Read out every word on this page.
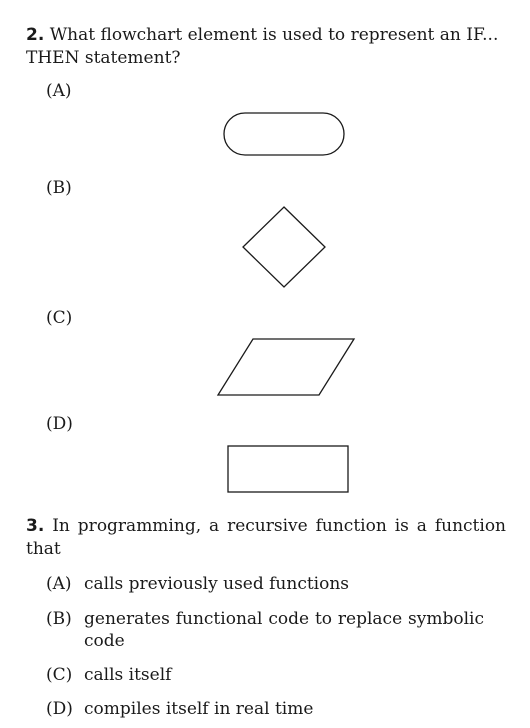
2. What flowchart element is used to represent an IF... THEN statement?
(A)
(B)
(C)
(D)
3. In programming, a recursive function is a function that
(A) calls previously used functions
(B) generates functional code to replace symbolic code
(C) calls itself
(D) compiles itself in real time
